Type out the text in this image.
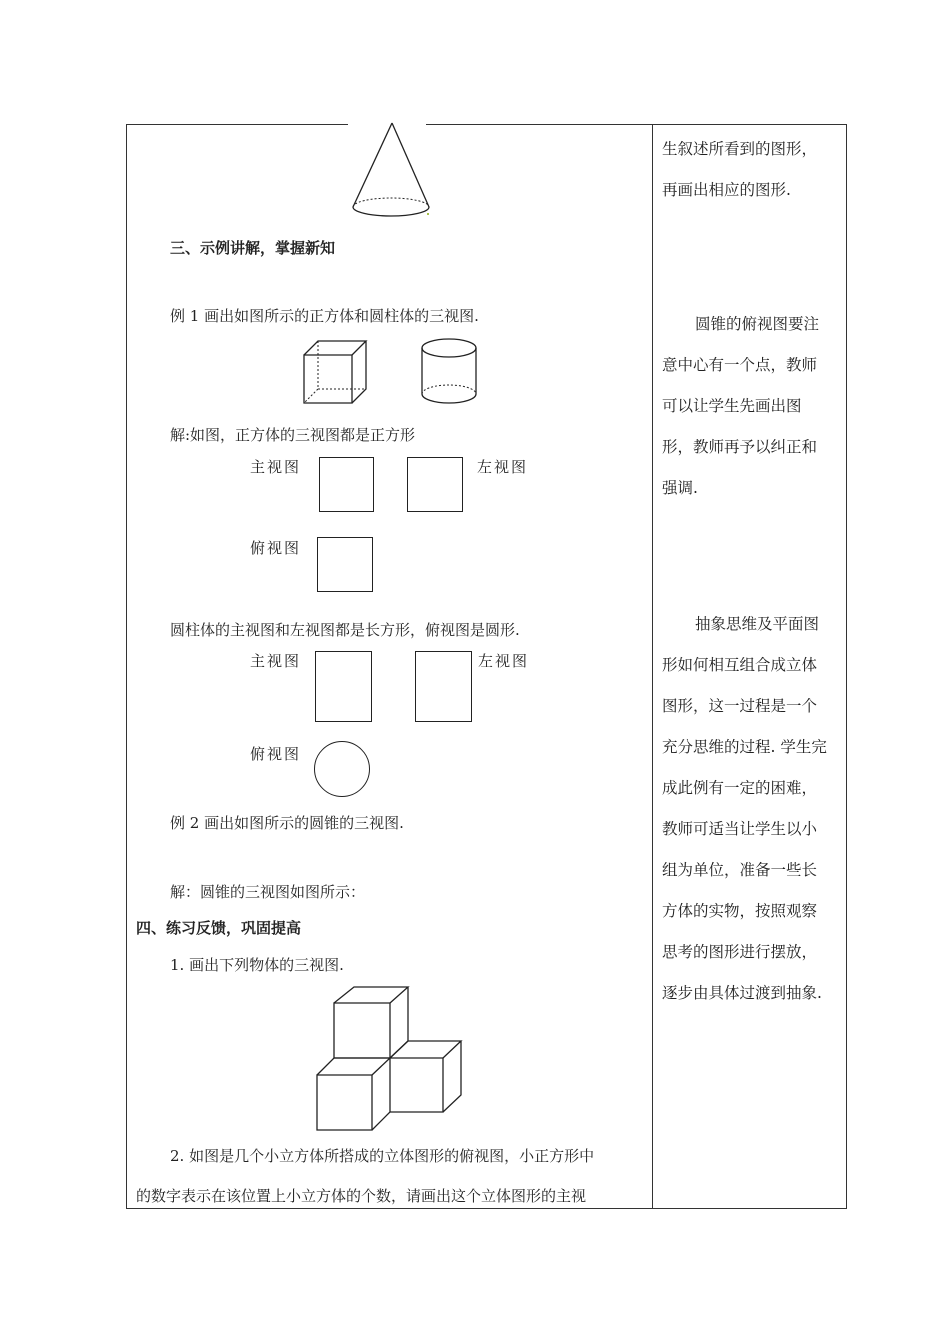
三、示例讲解，掌握新知
例 1 画出如图所示的正方体和圆柱体的三视图.
解:如图，正方体的三视图都是正方形
主视图	左视图
俯视图
圆柱体的主视图和左视图都是长方形，俯视图是圆形.
主视图	左视图
俯视图
例 2 画出如图所示的圆锥的三视图.
解：圆锥的三视图如图所示：
四、练习反馈，巩固提高
1. 画出下列物体的三视图.
2. 如图是几个小立方体所搭成的立体图形的俯视图，小正方形中
的数字表示在该位置上小立方体的个数，请画出这个立体图形的主视
生叙述所看到的图形，
再画出相应的图形.
圆锥的俯视图要注
意中心有一个点，教师
可以让学生先画出图
形，教师再予以纠正和
强调.
抽象思维及平面图
形如何相互组合成立体
图形，这一过程是一个
充分思维的过程. 学生完
成此例有一定的困难，
教师可适当让学生以小
组为单位，准备一些长
方体的实物，按照观察
思考的图形进行摆放，
逐步由具体过渡到抽象.
